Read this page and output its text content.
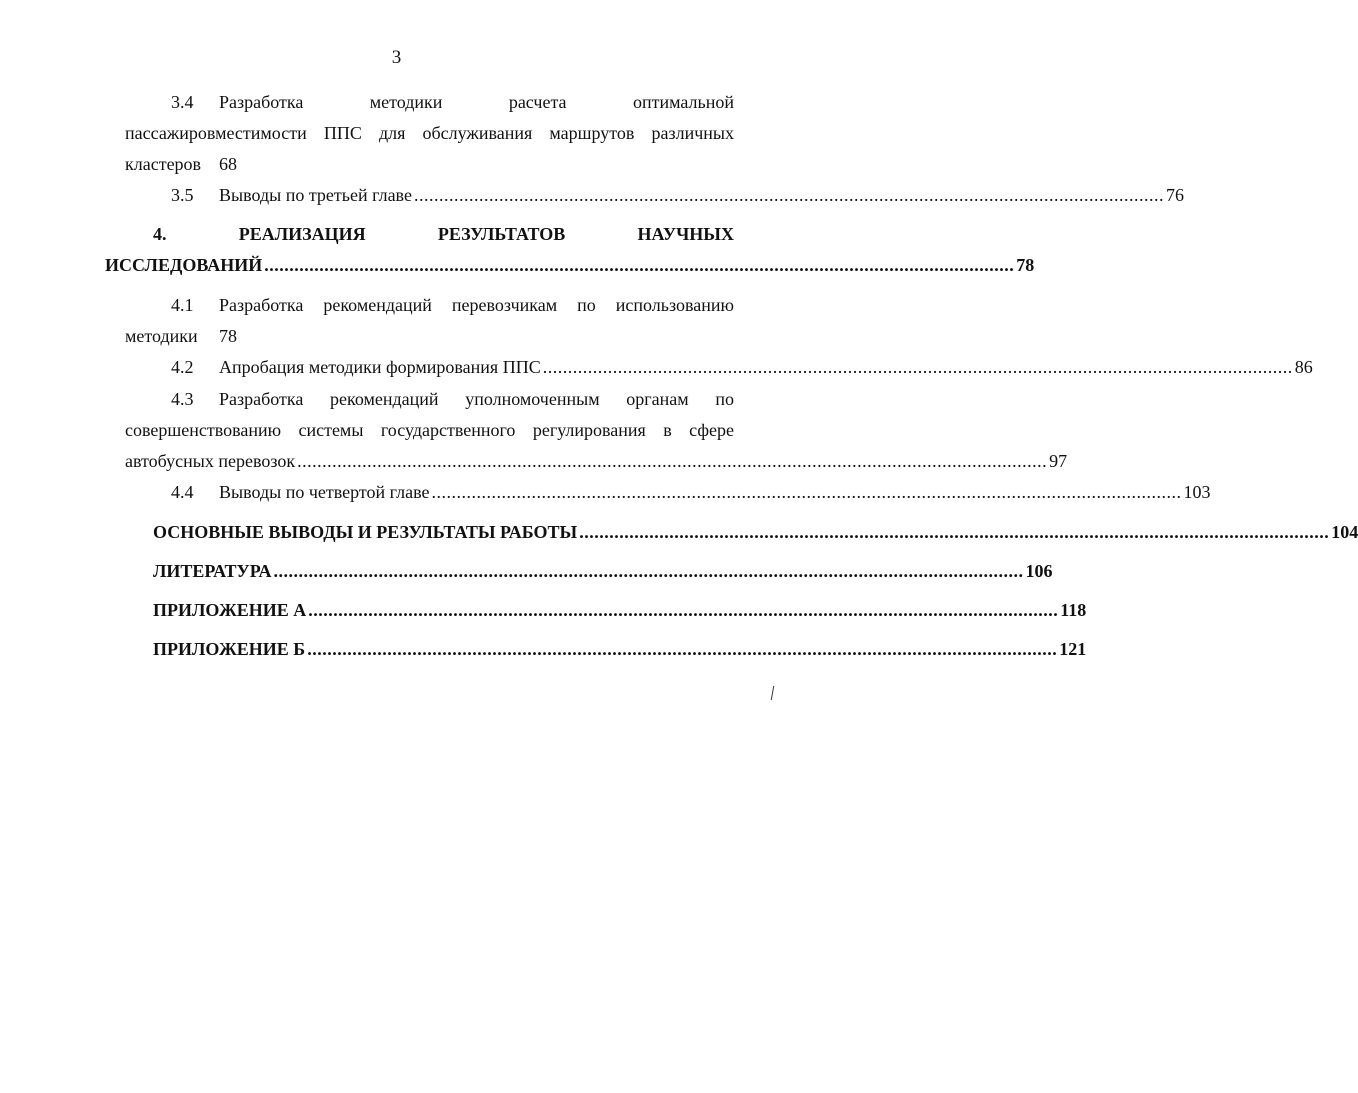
3
3.4 Разработка	методики	расчета	оптимальной
пассажировместимости ППС для обслуживания маршрутов различных
кластеров 68
3.5 Выводы по третьей главе ...................................................................................................................................................... 76
4.	РЕАЛИЗАЦИЯ	РЕЗУЛЬТАТОВ	НАУЧНЫХ
ИССЛЕДОВАНИЙ ...................................................................................................................................................... 78
4.1 Разработка рекомендаций перевозчикам по использованию
методики 78
4.2 Апробация методики формирования ППС ...................................................................................................................................................... 86
4.3 Разработка рекомендаций уполномоченным органам по
совершенствованию системы государственного регулирования в сфере
автобусных перевозок ...................................................................................................................................................... 97
4.4 Выводы по четвертой главе ...................................................................................................................................................... 103
ОСНОВНЫЕ ВЫВОДЫ И РЕЗУЛЬТАТЫ РАБОТЫ ...................................................................................................................................................... 104
ЛИТЕРАТУРА ...................................................................................................................................................... 106
ПРИЛОЖЕНИЕ А ...................................................................................................................................................... 118
ПРИЛОЖЕНИЕ Б ...................................................................................................................................................... 121
